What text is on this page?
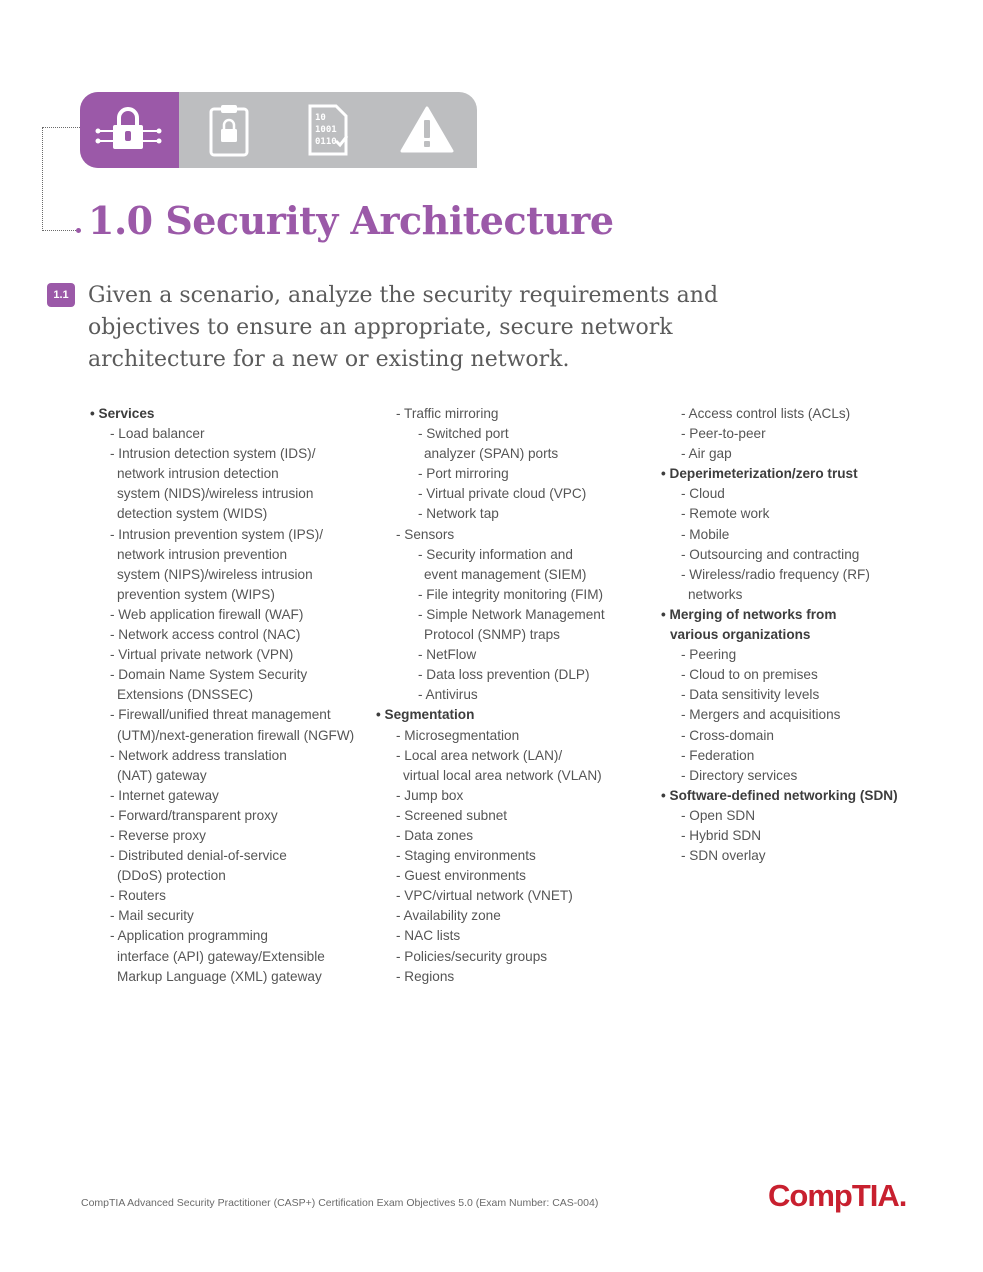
10
1001
0110
1.0 Security Architecture
1.1 Given a scenario, analyze the security requirements and
objectives to ensure an appropriate, secure network
architecture for a new or existing network.
• Services
- Load balancer
- Intrusion detection system (IDS)/
network intrusion detection
system (NIDS)/wireless intrusion
detection system (WIDS)
- Intrusion prevention system (IPS)/
network intrusion prevention
system (NIPS)/wireless intrusion
prevention system (WIPS)
- Web application firewall (WAF)
- Network access control (NAC)
- Virtual private network (VPN)
- Domain Name System Security
Extensions (DNSSEC)
- Firewall/unified threat management
(UTM)/next-generation firewall (NGFW)
- Network address translation
(NAT) gateway
- Internet gateway
- Forward/transparent proxy
- Reverse proxy
- Distributed denial-of-service
(DDoS) protection
- Routers
- Mail security
- Application programming
interface (API) gateway/Extensible
Markup Language (XML) gateway
- Traffic mirroring
- Switched port
analyzer (SPAN) ports
- Port mirroring
- Virtual private cloud (VPC)
- Network tap
- Sensors
- Security information and
event management (SIEM)
- File integrity monitoring (FIM)
- Simple Network Management
Protocol (SNMP) traps
- NetFlow
- Data loss prevention (DLP)
- Antivirus
• Segmentation
- Microsegmentation
- Local area network (LAN)/
virtual local area network (VLAN)
- Jump box
- Screened subnet
- Data zones
- Staging environments
- Guest environments
- VPC/virtual network (VNET)
- Availability zone
- NAC lists
- Policies/security groups
- Regions
- Access control lists (ACLs)
- Peer-to-peer
- Air gap
• Deperimeterization/zero trust
- Cloud
- Remote work
- Mobile
- Outsourcing and contracting
- Wireless/radio frequency (RF)
networks
• Merging of networks from
various organizations
- Peering
- Cloud to on premises
- Data sensitivity levels
- Mergers and acquisitions
- Cross-domain
- Federation
- Directory services
• Software-defined networking (SDN)
- Open SDN
- Hybrid SDN
- SDN overlay
CompTIA Advanced Security Practitioner (CASP+) Certification Exam Objectives 5.0 (Exam Number: CAS-004)	CompTIA.
